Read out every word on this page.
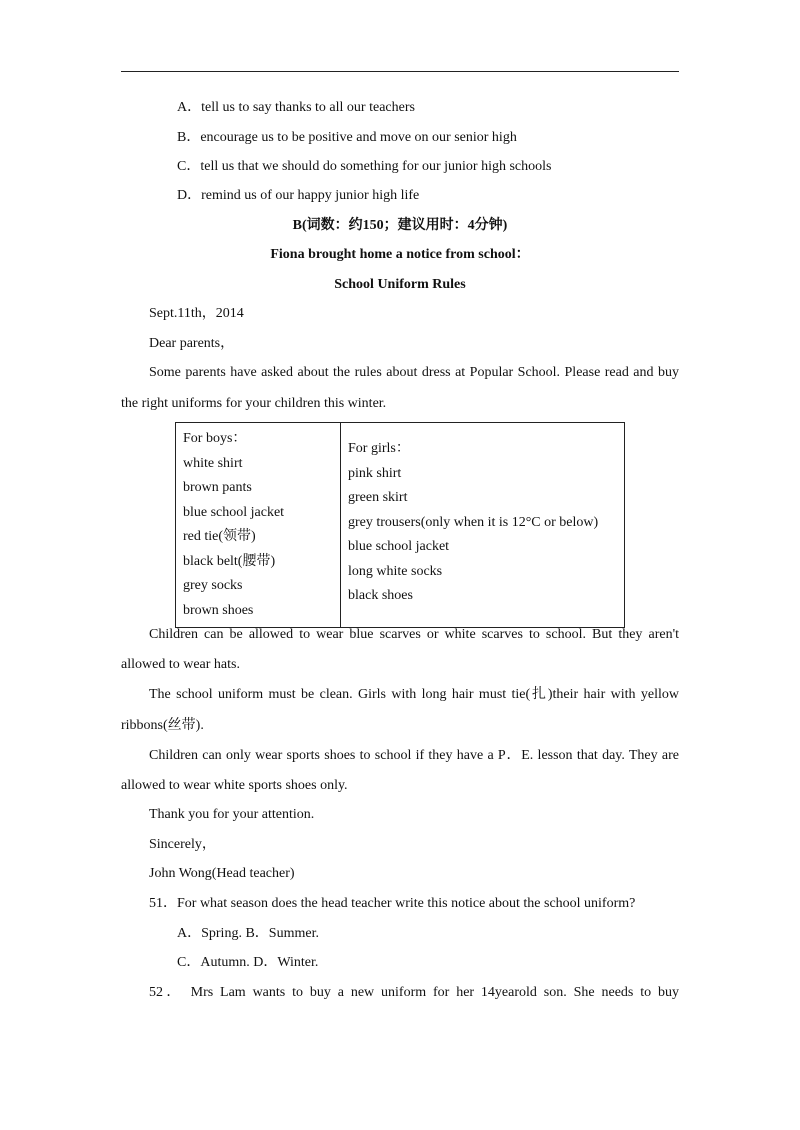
A．tell us to say thanks to all our teachers
B．encourage us to be positive and move on our senior high
C．tell us that we should do something for our junior high schools
D．remind us of our happy junior high life
B(词数：约150；建议用时：4分钟)
Fiona brought home a notice from school：
School Uniform Rules
Sept.11th，2014
Dear parents，
Some parents have asked about the rules about dress at Popular School. Please read and buy
the right uniforms for your children this winter.
For boys：
white shirt
brown pants
blue school jacket
red tie(领带)
black belt(腰带)
grey socks
brown shoes

For girls：
pink shirt
green skirt
grey trousers(only when it is 12°C or below)
blue school jacket
long white socks
black shoes
Children can be allowed to wear blue scarves or white scarves to school. But they aren't
allowed to wear hats.
The school uniform must be clean. Girls with long hair must tie(扎)their hair with yellow
ribbons(丝带).
Children can only wear sports shoes to school if they have a P．E. lesson that day. They are
allowed to wear white sports shoes only.
Thank you for your attention.
Sincerely，
John Wong(Head teacher)
51．For what season does the head teacher write this notice about the school uniform?
A．Spring. B．Summer.
C．Autumn. D．Winter.
52． Mrs Lam wants to buy a new uniform for her 14yearold son. She needs to buy
